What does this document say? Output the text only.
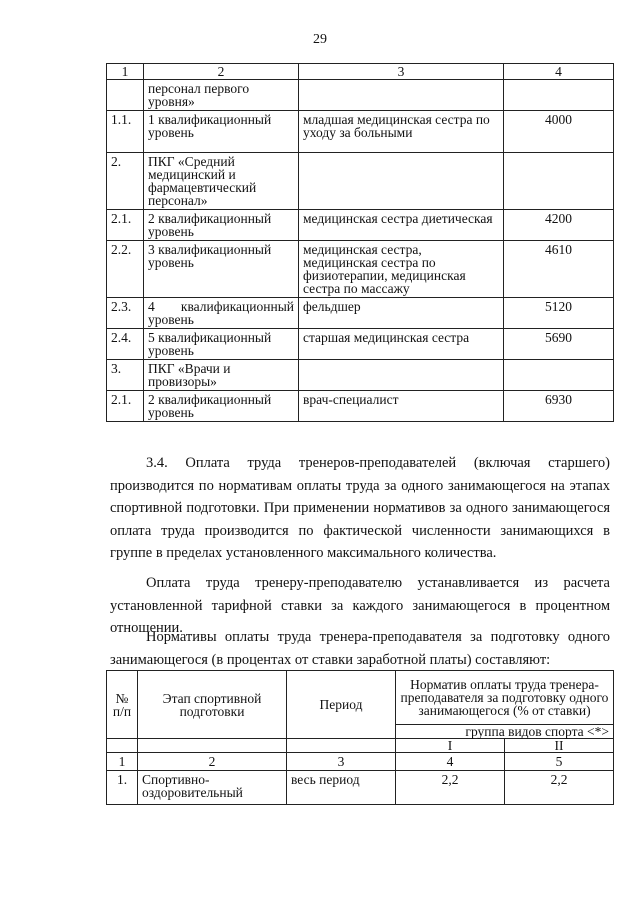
29
1	2	3	4
	персонал первого уровня»		
1.1.	1 квалификационный уровень	младшая медицинская сестра по уходу за больными	4000
2.	ПКГ «Средний медицинский и фармацевтический персонал»		
2.1.	2 квалификационный уровень	медицинская сестра диетическая	4200
2.2.	3 квалификационный уровень	медицинская сестра, медицинская сестра по физиотерапии, медицинская сестра по массажу	4610
2.3.	4 квалификационный уровень	фельдшер	5120
2.4.	5 квалификационный уровень	старшая медицинская сестра	5690
3.	ПКГ «Врачи и провизоры»		
2.1.	2 квалификационный уровень	врач-специалист	6930
3.4. Оплата труда тренеров-преподавателей (включая старшего) производится по нормативам оплаты труда за одного занимающегося на этапах спортивной подготовки. При применении нормативов за одного занимающегося оплата труда производится по фактической численности занимающихся в группе в пределах установленного максимального количества.
Оплата труда тренеру-преподавателю устанавливается из расчета установленной тарифной ставки за каждого занимающегося в процентном отношении.
Нормативы оплаты труда тренера-преподавателя за подготовку одного занимающегося (в процентах от ставки заработной платы) составляют:
№ п/п	Этап спортивной подготовки	Период	Норматив оплаты труда тренера-преподавателя за подготовку одного занимающегося (% от ставки)	

			группа видов спорта <*>	

			I	II
1	2	3	4	5
1.	Спортивно-оздоровительный	весь период	2,2	2,2
